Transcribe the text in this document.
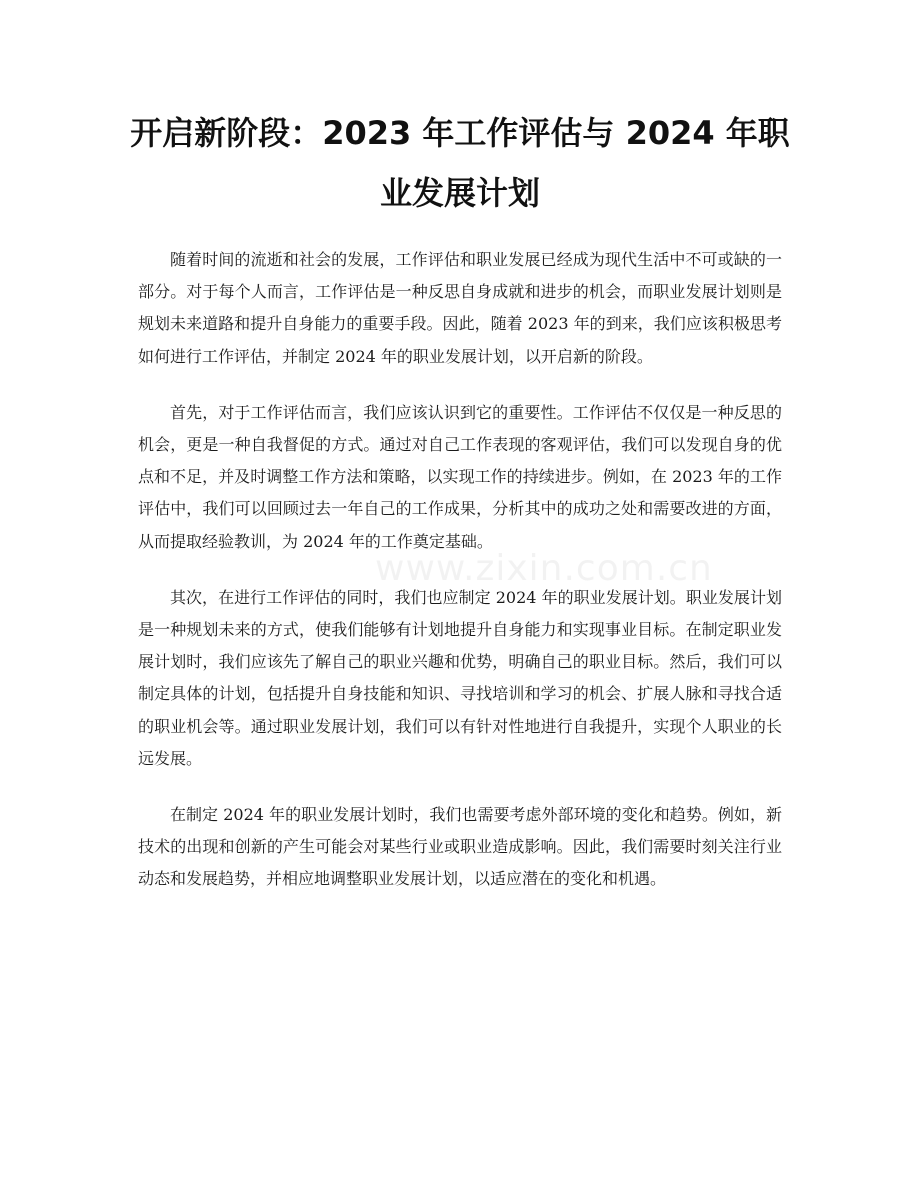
开启新阶段：2023 年工作评估与 2024 年职业发展计划

随着时间的流逝和社会的发展，工作评估和职业发展已经成为现代生活中不可或缺的一部分。对于每个人而言，工作评估是一种反思自身成就和进步的机会，而职业发展计划则是规划未来道路和提升自身能力的重要手段。因此，随着 2023 年的到来，我们应该积极思考如何进行工作评估，并制定 2024 年的职业发展计划，以开启新的阶段。

首先，对于工作评估而言，我们应该认识到它的重要性。工作评估不仅仅是一种反思的机会，更是一种自我督促的方式。通过对自己工作表现的客观评估，我们可以发现自身的优点和不足，并及时调整工作方法和策略，以实现工作的持续进步。例如，在 2023 年的工作评估中，我们可以回顾过去一年自己的工作成果，分析其中的成功之处和需要改进的方面，从而提取经验教训，为 2024 年的工作奠定基础。

其次，在进行工作评估的同时，我们也应制定 2024 年的职业发展计划。职业发展计划是一种规划未来的方式，使我们能够有计划地提升自身能力和实现事业目标。在制定职业发展计划时，我们应该先了解自己的职业兴趣和优势，明确自己的职业目标。然后，我们可以制定具体的计划，包括提升自身技能和知识、寻找培训和学习的机会、扩展人脉和寻找合适的职业机会等。通过职业发展计划，我们可以有针对性地进行自我提升，实现个人职业的长远发展。

在制定 2024 年的职业发展计划时，我们也需要考虑外部环境的变化和趋势。例如，新技术的出现和创新的产生可能会对某些行业或职业造成影响。因此，我们需要时刻关注行业动态和发展趋势，并相应地调整职业发展计划，以适应潜在的变化和机遇。

www.zixin.com.cn
